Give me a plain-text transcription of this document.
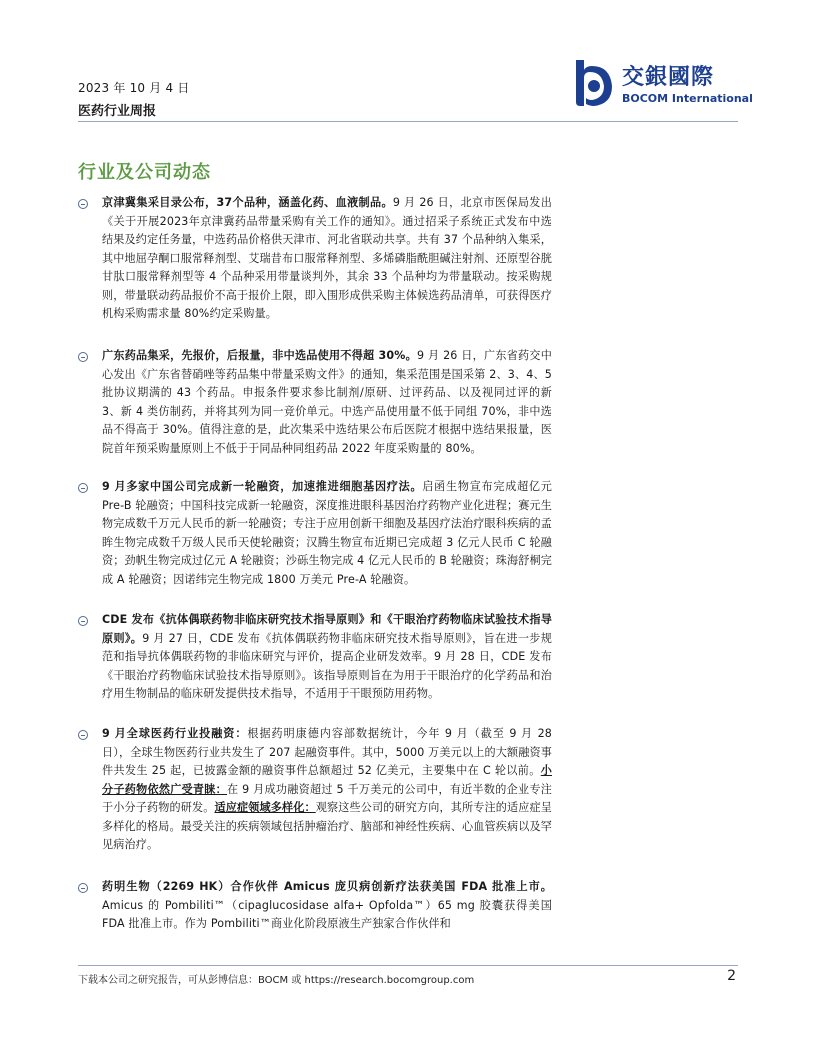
2023 年 10 月 4 日
医药行业周报
交銀國際
BOCOM International
行业及公司动态
京津冀集采目录公布，37个品种，涵盖化药、血液制品。9 月 26 日，北京市医保局发出《关于开展2023年京津冀药品带量采购有关工作的通知》。通过招采子系统正式发布中选结果及约定任务量，中选药品价格供天津市、河北省联动共享。共有 37 个品种纳入集采，其中地屈孕酮口服常释剂型、艾瑞昔布口服常释剂型、多烯磷脂酰胆碱注射剂、还原型谷胱甘肽口服常释剂型等 4 个品种采用带量谈判外，其余 33 个品种均为带量联动。按采购规则，带量联动药品报价不高于报价上限，即入围形成供采购主体候选药品清单，可获得医疗机构采购需求量 80%约定采购量。
广东药品集采，先报价，后报量，非中选品使用不得超 30%。9 月 26 日，广东省药交中心发出《广东省替硝唑等药品集中带量采购文件》的通知，集采范围是国采第 2、3、4、5 批协议期满的 43 个药品。申报条件要求参比制剂/原研、过评药品、以及视同过评的新 3、新 4 类仿制药，并将其列为同一竞价单元。中选产品使用量不低于同组 70%，非中选品不得高于 30%。值得注意的是，此次集采中选结果公布后医院才根据中选结果报量，医院首年预采购量原则上不低于于同品种同组药品 2022 年度采购量的 80%。
9 月多家中国公司完成新一轮融资，加速推进细胞基因疗法。启函生物宣布完成超亿元 Pre-B 轮融资；中国科技完成新一轮融资，深度推进眼科基因治疗药物产业化进程；赛元生物完成数千万元人民币的新一轮融资；专注于应用创新干细胞及基因疗法治疗眼科疾病的孟眸生物完成数千万级人民币天使轮融资；汉腾生物宣布近期已完成超 3 亿元人民币 C 轮融资；劲帆生物完成过亿元 A 轮融资；沙砾生物完成 4 亿元人民币的 B 轮融资；珠海舒桐完成 A 轮融资；因诺纬完生物完成 1800 万美元 Pre-A 轮融资。
CDE 发布《抗体偶联药物非临床研究技术指导原则》和《干眼治疗药物临床试验技术指导原则》。9 月 27 日，CDE 发布《抗体偶联药物非临床研究技术指导原则》，旨在进一步规范和指导抗体偶联药物的非临床研究与评价，提高企业研发效率。9 月 28 日，CDE 发布《干眼治疗药物临床试验技术指导原则》。该指导原则旨在为用于干眼治疗的化学药品和治疗用生物制品的临床研发提供技术指导，不适用于干眼预防用药物。
9 月全球医药行业投融资：根据药明康德内容部数据统计，今年 9 月（截至 9 月 28 日），全球生物医药行业共发生了 207 起融资事件。其中，5000 万美元以上的大额融资事件共发生 25 起，已披露金额的融资事件总额超过 52 亿美元，主要集中在 C 轮以前。小分子药物依然广受青睐：在 9 月成功融资超过 5 千万美元的公司中，有近半数的企业专注于小分子药物的研发。适应症领域多样化：观察这些公司的研究方向，其所专注的适应症呈多样化的格局。最受关注的疾病领域包括肿瘤治疗、脑部和神经性疾病、心血管疾病以及罕见病治疗。
药明生物（2269 HK）合作伙伴 Amicus 庞贝病创新疗法获美国 FDA 批准上市。Amicus 的 Pombiliti™（cipaglucosidase alfa+ Opfolda™）65 mg 胶囊获得美国 FDA 批准上市。作为 Pombiliti™商业化阶段原液生产独家合作伙伴和
下载本公司之研究报告，可从彭博信息：BOCM 或 https://research.bocomgroup.com	2
